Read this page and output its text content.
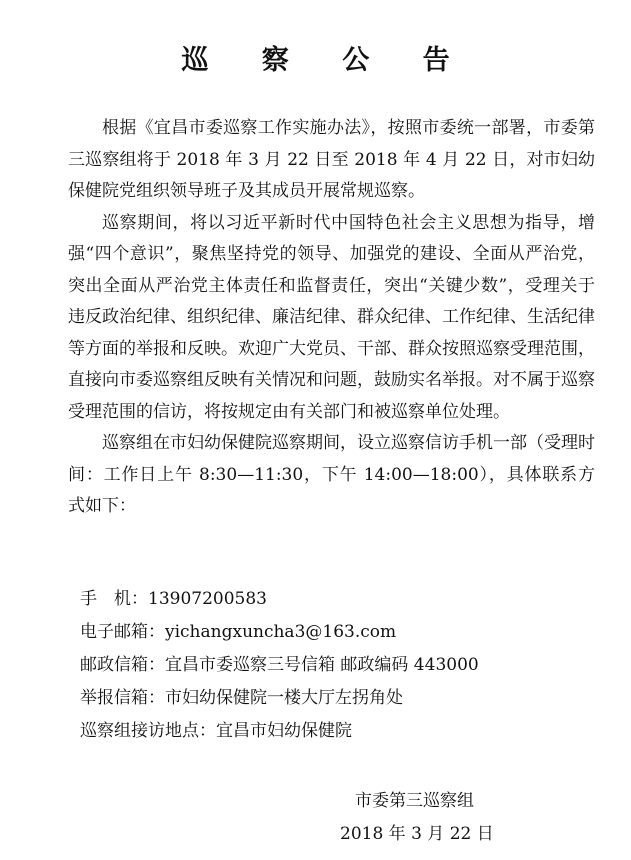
巡 察 公 告

根据《宜昌市委巡察工作实施办法》，按照市委统一部署，市委第三巡察组将于 2018 年 3 月 22 日至 2018 年 4 月 22 日，对市妇幼保健院党组织领导班子及其成员开展常规巡察。

巡察期间，将以习近平新时代中国特色社会主义思想为指导，增强“四个意识”，聚焦坚持党的领导、加强党的建设、全面从严治党，突出全面从严治党主体责任和监督责任，突出“关键少数”，受理关于违反政治纪律、组织纪律、廉洁纪律、群众纪律、工作纪律、生活纪律等方面的举报和反映。欢迎广大党员、干部、群众按照巡察受理范围，直接向市委巡察组反映有关情况和问题，鼓励实名举报。对不属于巡察受理范围的信访，将按规定由有关部门和被巡察单位处理。

巡察组在市妇幼保健院巡察期间，设立巡察信访手机一部（受理时间：工作日上午 8:30—11:30，下午 14:00—18:00），具体联系方式如下：

手　机：13907200583
电子邮箱：yichangxuncha3@163.com
邮政信箱：宜昌市委巡察三号信箱 邮政编码 443000
举报信箱：市妇幼保健院一楼大厅左拐角处
巡察组接访地点：宜昌市妇幼保健院
市委第三巡察组
2018 年 3 月 22 日
